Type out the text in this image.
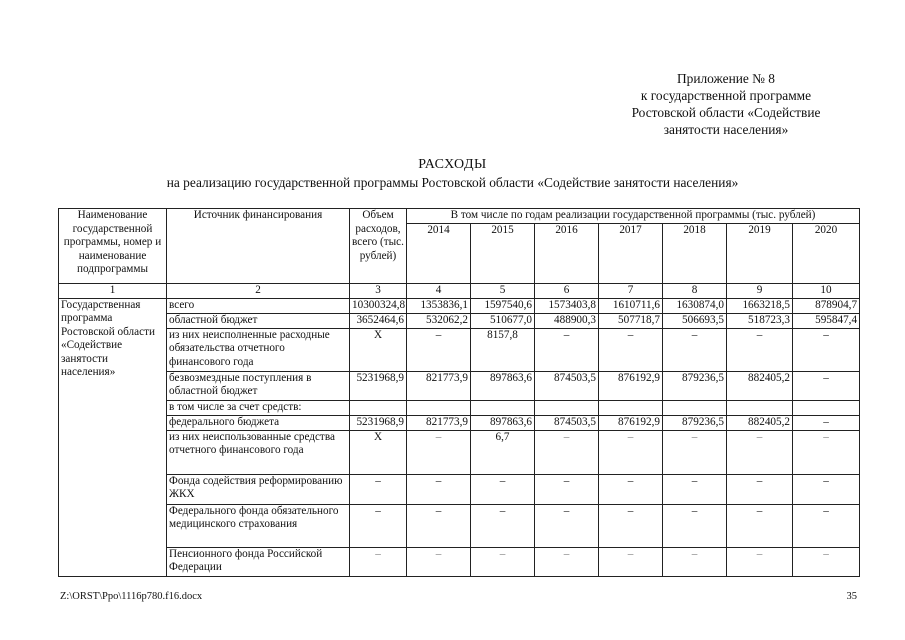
Приложение № 8
к государственной программе
Ростовской области «Содействие
занятости населения»
РАСХОДЫ
на реализацию государственной программы Ростовской области «Содействие занятости населения»
Наименование государственной программы, номер и наименование подпрограммы	Источник финансирования	Объем расходов, всего (тыс. рублей)	В том числе по годам реализации государственной программы (тыс. рублей)						
			2014	2015	2016	2017	2018	2019	2020
1	2	3	4	5	6	7	8	9	10
Государственная программа Ростовской области «Содействие занятости населения»	всего	10300324,8	1353836,1	1597540,6	1573403,8	1610711,6	1630874,0	1663218,5	878904,7
	областной бюджет	3652464,6	532062,2	510677,0	488900,3	507718,7	506693,5	518723,3	595847,4
	из них неисполненные расходные обязательства отчетного финансового года	Х	–	8157,8	–	–	–	–	–
	безвозмездные поступления в областной бюджет	5231968,9	821773,9	897863,6	874503,5	876192,9	879236,5	882405,2	–
	в том числе за счет средств:								
	федерального бюджета	5231968,9	821773,9	897863,6	874503,5	876192,9	879236,5	882405,2	–
	из них неиспользованные средства отчетного финансового года	Х	–	6,7	–	–	–	–	–
	Фонда содействия реформированию ЖКХ	–	–	–	–	–	–	–	–
	Федерального фонда обязательного медицинского страхования	–	–	–	–	–	–	–	–
	Пенсионного фонда Российской Федерации	–	–	–	–	–	–	–	–
Z:\ORST\Ppo\1116p780.f16.docx	35
